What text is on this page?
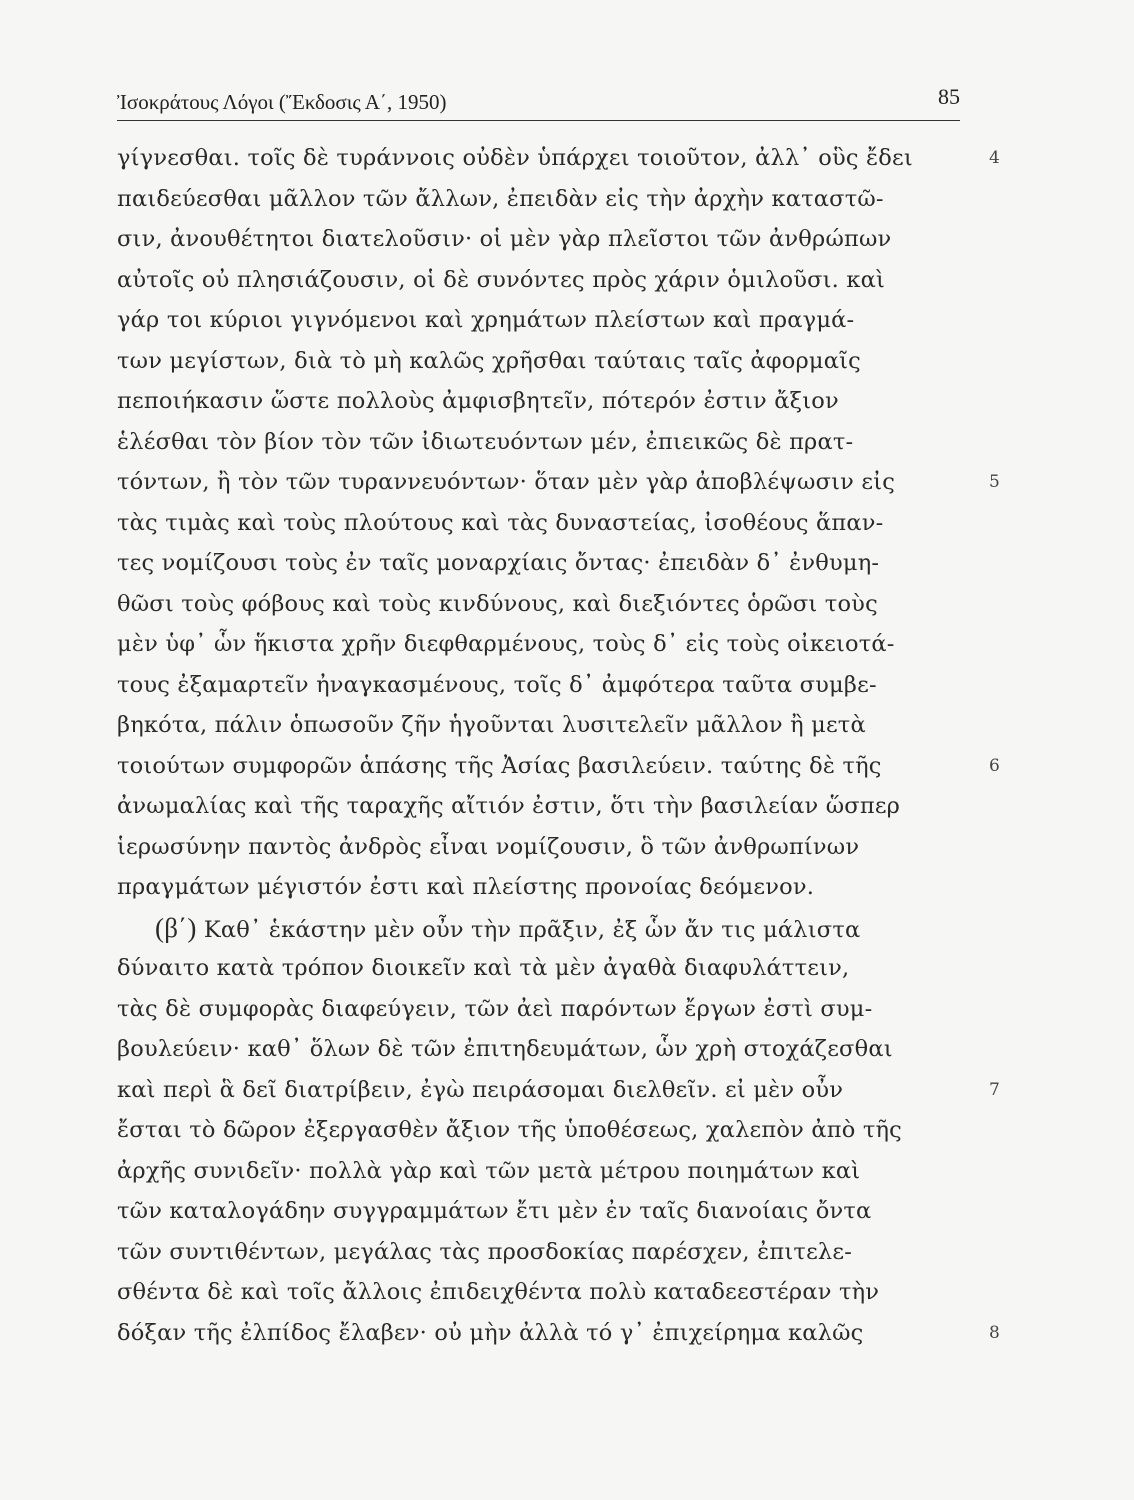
Ἰσοκράτους Λόγοι (Ἔκδοσις Α΄, 1950)	85
γίγνεσθαι. τοῖς δὲ τυράννοις οὐδὲν ὑπάρχει τοιοῦτον, ἀλλ᾽ οὓς ἔδει	4
παιδεύεσθαι μᾶλλον τῶν ἄλλων, ἐπειδὰν εἰς τὴν ἀρχὴν καταστῶ-
σιν, ἀνουθέτητοι διατελοῦσιν· οἱ μὲν γὰρ πλεῖστοι τῶν ἀνθρώπων
αὐτοῖς οὐ πλησιάζουσιν, οἱ δὲ συνόντες πρὸς χάριν ὁμιλοῦσι. καὶ
γάρ τοι κύριοι γιγνόμενοι καὶ χρημάτων πλείστων καὶ πραγμά-
των μεγίστων, διὰ τὸ μὴ καλῶς χρῆσθαι ταύταις ταῖς ἀφορμαῖς
πεποιήκασιν ὥστε πολλοὺς ἀμφισβητεῖν, πότερόν ἐστιν ἄξιον
ἑλέσθαι τὸν βίον τὸν τῶν ἰδιωτευόντων μέν, ἐπιεικῶς δὲ πρατ-
τόντων, ἢ τὸν τῶν τυραννευόντων· ὅταν μὲν γὰρ ἀποβλέψωσιν εἰς	5
τὰς τιμὰς καὶ τοὺς πλούτους καὶ τὰς δυναστείας, ἰσοθέους ἅπαν-
τες νομίζουσι τοὺς ἐν ταῖς μοναρχίαις ὄντας· ἐπειδὰν δ᾽ ἐνθυμη-
θῶσι τοὺς φόβους καὶ τοὺς κινδύνους, καὶ διεξιόντες ὁρῶσι τοὺς
μὲν ὑφ᾽ ὧν ἥκιστα χρῆν διεφθαρμένους, τοὺς δ᾽ εἰς τοὺς οἰκειοτά-
τους ἐξαμαρτεῖν ἠναγκασμένους, τοῖς δ᾽ ἀμφότερα ταῦτα συμβε-
βηκότα, πάλιν ὁπωσοῦν ζῆν ἡγοῦνται λυσιτελεῖν μᾶλλον ἢ μετὰ
τοιούτων συμφορῶν ἁπάσης τῆς Ἀσίας βασιλεύειν. ταύτης δὲ τῆς	6
ἀνωμαλίας καὶ τῆς ταραχῆς αἴτιόν ἐστιν, ὅτι τὴν βασιλείαν ὥσπερ
ἱερωσύνην παντὸς ἀνδρὸς εἶναι νομίζουσιν, ὃ τῶν ἀνθρωπίνων
πραγμάτων μέγιστόν ἐστι καὶ πλείστης προνοίας δεόμενον.
(β΄) Καθ᾽ ἑκάστην μὲν οὖν τὴν πρᾶξιν, ἐξ ὧν ἄν τις μάλιστα
δύναιτο κατὰ τρόπον διοικεῖν καὶ τὰ μὲν ἀγαθὰ διαφυλάττειν,
τὰς δὲ συμφορὰς διαφεύγειν, τῶν ἀεὶ παρόντων ἔργων ἐστὶ συμ-
βουλεύειν· καθ᾽ ὅλων δὲ τῶν ἐπιτηδευμάτων, ὧν χρὴ στοχάζεσθαι
καὶ περὶ ἃ δεῖ διατρίβειν, ἐγὼ πειράσομαι διελθεῖν. εἰ μὲν οὖν	7
ἔσται τὸ δῶρον ἐξεργασθὲν ἄξιον τῆς ὑποθέσεως, χαλεπὸν ἀπὸ τῆς
ἀρχῆς συνιδεῖν· πολλὰ γὰρ καὶ τῶν μετὰ μέτρου ποιημάτων καὶ
τῶν καταλογάδην συγγραμμάτων ἔτι μὲν ἐν ταῖς διανοίαις ὄντα
τῶν συντιθέντων, μεγάλας τὰς προσδοκίας παρέσχεν, ἐπιτελε-
σθέντα δὲ καὶ τοῖς ἄλλοις ἐπιδειχθέντα πολὺ καταδεεστέραν τὴν
δόξαν τῆς ἐλπίδος ἔλαβεν· οὐ μὴν ἀλλὰ τό γ᾽ ἐπιχείρημα καλῶς	8
